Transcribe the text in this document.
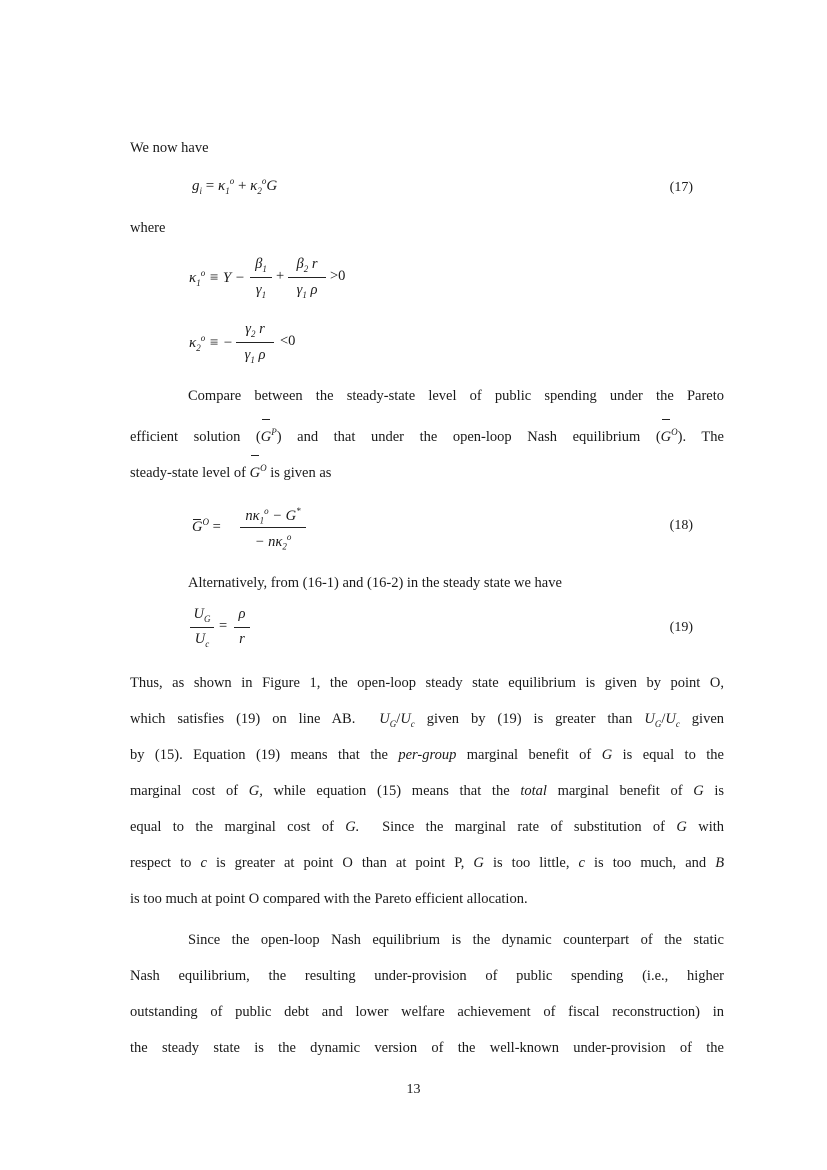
We now have
$g_i = \kappa_1^o + \kappa_2^oG$	(17)
where
$\kappa_1^o \equiv Y$ −
$\beta_1$
$\gamma_1$
+
$\beta_2$ r
$\gamma_1$ ρ
>0
$\kappa_2^o$ ≡ −
$\gamma_2$ r
$\gamma_1$ ρ
<0
Compare between the steady-state level of public spending under the Pareto
efficient solution $(G^P)$ and that under the open-loop Nash equilibrium $(G^O)$. The
steady-state level of $G^O$ is given as
$G^O$ =
$n\kappa_1^o - G^*$
− $n\kappa_2^o$
(18)
Alternatively, from (16-1) and (16-2) in the steady state we have
$U_G$
$U_c$
=
ρ
r
(19)
Thus, as shown in Figure 1, the open-loop steady state equilibrium is given by point O,
which satisfies (19) on line AB. $U_G/U_c$ given by (19) is greater than $U_G/U_c$ given
by (15). Equation (19) means that the per-group marginal benefit of G is equal to the
marginal cost of G, while equation (15) means that the total marginal benefit of G is
equal to the marginal cost of G. Since the marginal rate of substitution of G with
respect to c is greater at point O than at point P, G is too little, c is too much, and B
is too much at point O compared with the Pareto efficient allocation.
Since the open-loop Nash equilibrium is the dynamic counterpart of the static
Nash equilibrium, the resulting under-provision of public spending (i.e., higher
outstanding of public debt and lower welfare achievement of fiscal reconstruction) in
the steady state is the dynamic version of the well-known under-provision of the
13
